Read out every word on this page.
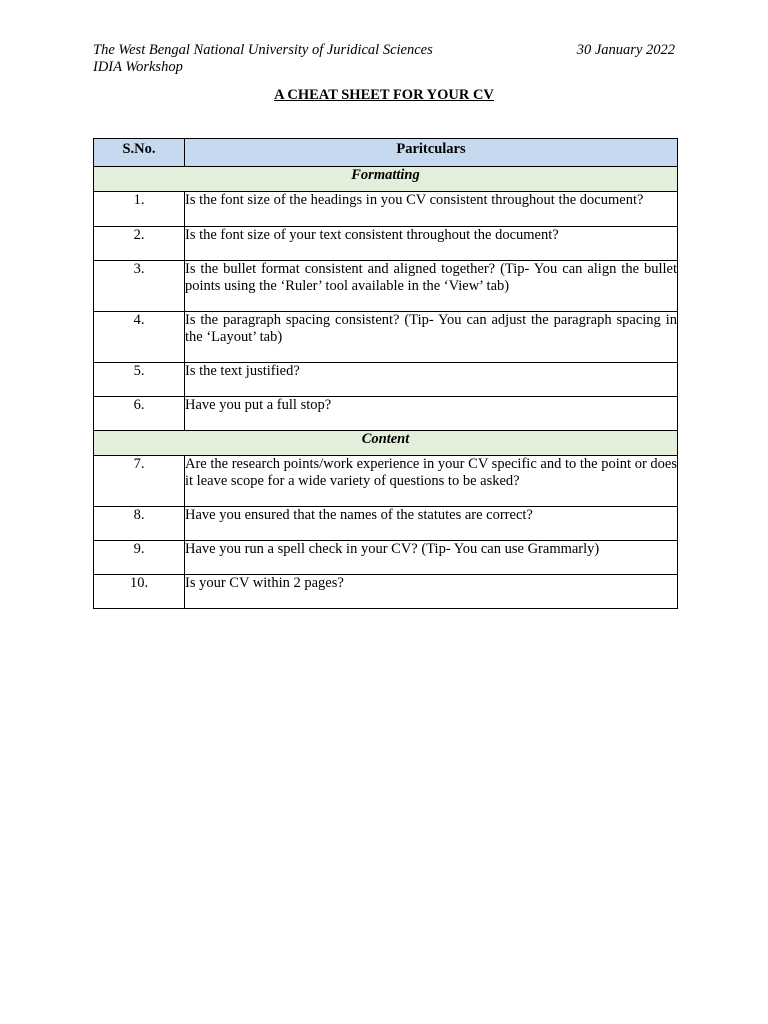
The West Bengal National University of Juridical Sciences	30 January 2022
IDIA Workshop
A CHEAT SHEET FOR YOUR CV
S.No.	Paritculars
Formatting	
1.	Is the font size of the headings in you CV consistent throughout the document?
2.	Is the font size of your text consistent throughout the document?
3.	Is the bullet format consistent and aligned together? (Tip- You can align the bullet points using the ‘Ruler’ tool available in the ‘View’ tab)
4.	Is the paragraph spacing consistent? (Tip- You can adjust the paragraph spacing in the ‘Layout’ tab)
5.	Is the text justified?
6.	Have you put a full stop?
Content	
7.	Are the research points/work experience in your CV specific and to the point or does it leave scope for a wide variety of questions to be asked?
8.	Have you ensured that the names of the statutes are correct?
9.	Have you run a spell check in your CV? (Tip- You can use Grammarly)
10.	Is your CV within 2 pages?
